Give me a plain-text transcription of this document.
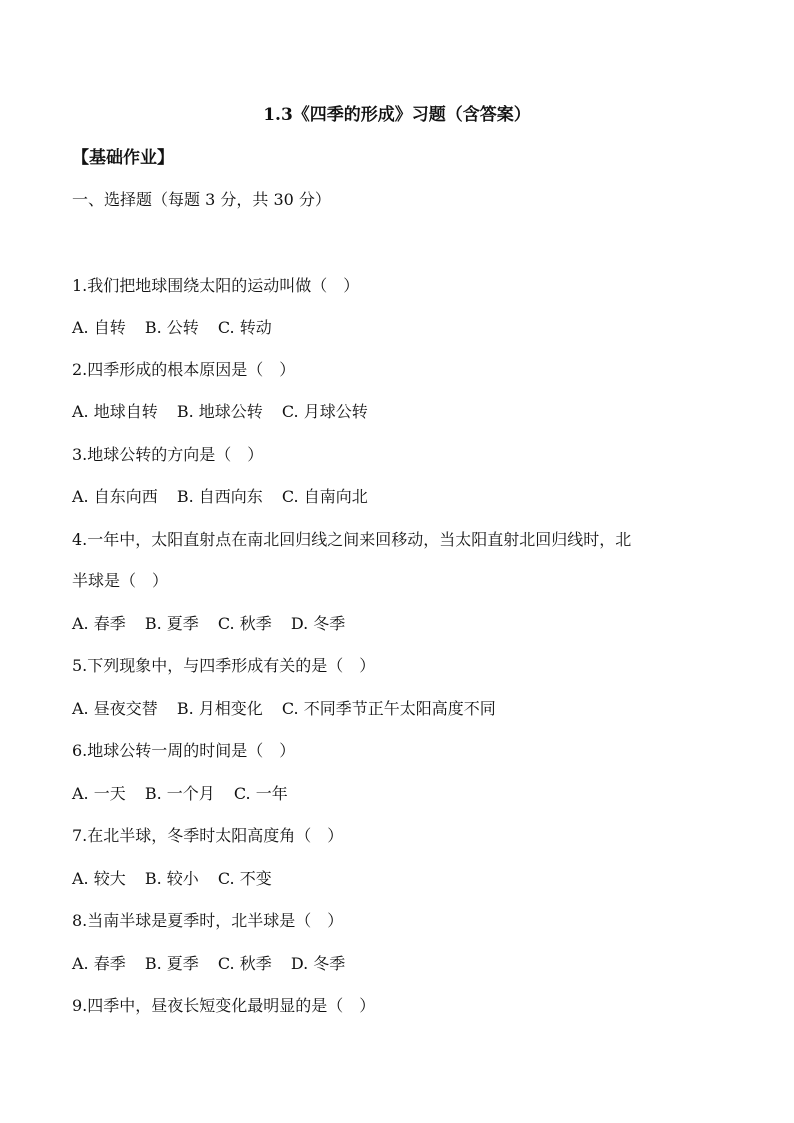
1.3《四季的形成》习题（含答案）
【基础作业】
一、选择题（每题 3 分，共 30 分）
1.我们把地球围绕太阳的运动叫做（　）
A. 自转 B. 公转 C. 转动
2.四季形成的根本原因是（　）
A. 地球自转 B. 地球公转 C. 月球公转
3.地球公转的方向是（　）
A. 自东向西 B. 自西向东 C. 自南向北
4.一年中，太阳直射点在南北回归线之间来回移动，当太阳直射北回归线时，北
半球是（　）
A. 春季 B. 夏季 C. 秋季 D. 冬季
5.下列现象中，与四季形成有关的是（　）
A. 昼夜交替 B. 月相变化 C. 不同季节正午太阳高度不同
6.地球公转一周的时间是（　）
A. 一天 B. 一个月 C. 一年
7.在北半球，冬季时太阳高度角（　）
A. 较大 B. 较小 C. 不变
8.当南半球是夏季时，北半球是（　）
A. 春季 B. 夏季 C. 秋季 D. 冬季
9.四季中，昼夜长短变化最明显的是（　）
